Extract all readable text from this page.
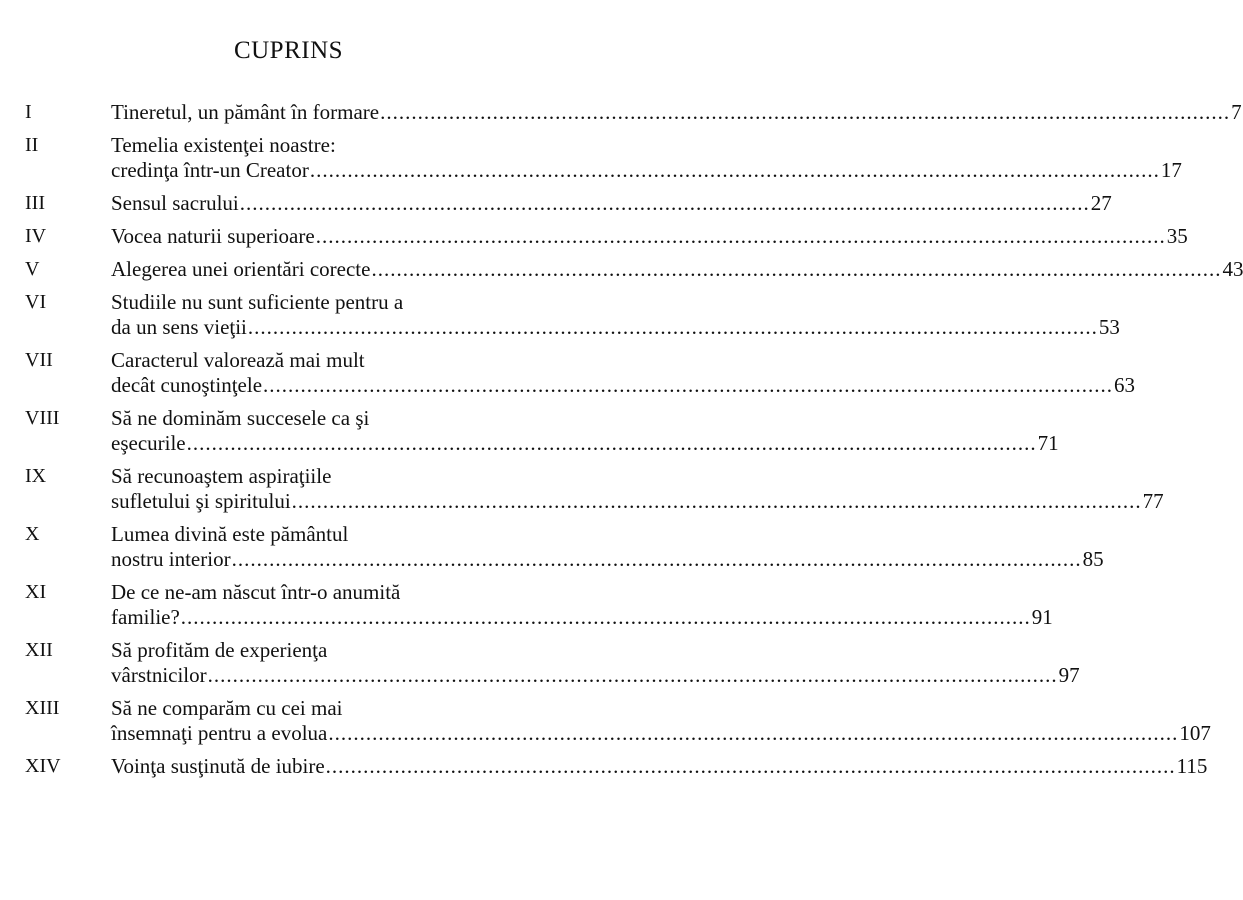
CUPRINS
I	Tineretul, un pământ în formare .....	7
II	Temelia existenţei noastre:
credinţa într-un Creator .....	17
III	Sensul sacrului .....	27
IV	Vocea naturii superioare .....	35
V	Alegerea unei orientări corecte .....	43
VI	Studiile nu sunt suficiente pentru a
da un sens vieţii .....	53
VII	Caracterul valorează mai mult
decât cunoştinţele .....	63
VIII	Să ne dominăm succesele ca şi
eşecurile .....	71
IX	Să recunoaştem aspiraţiile
sufletului şi spiritului .....	77
X	Lumea divină este pământul
nostru interior .....	85
XI	De ce ne-am născut într-o anumită
familie? .....	91
XII	Să profităm de experienţa
vârstnicilor .....	97
XIII	Să ne comparăm cu cei mai
însemnaţi pentru a evolua .....	107
XIV	Voinţa susţinută de iubire .....	115
